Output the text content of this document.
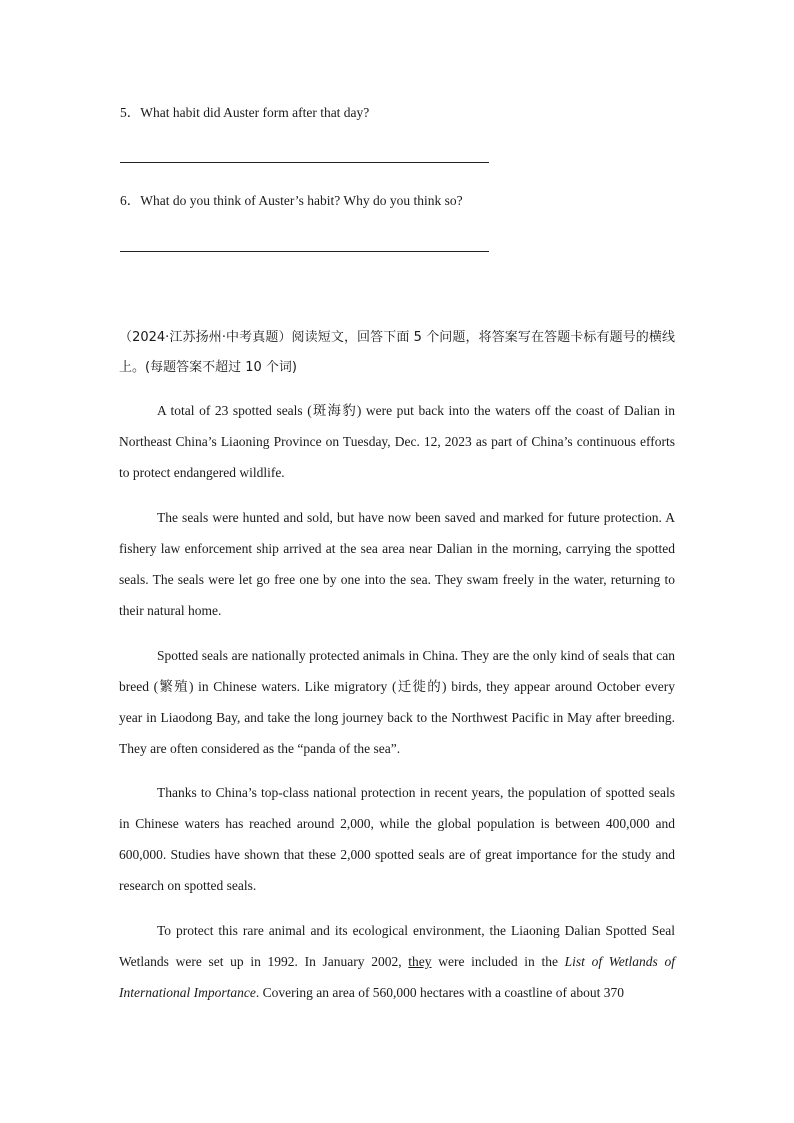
5．What habit did Auster form after that day?
6．What do you think of Auster’s habit? Why do you think so?
（2024·江苏扬州·中考真题）阅读短文，回答下面 5 个问题，将答案写在答题卡标有题号的横线上。(每题答案不超过 10 个词)

A total of 23 spotted seals (斑海豹) were put back into the waters off the coast of Dalian in Northeast China’s Liaoning Province on Tuesday, Dec. 12, 2023 as part of China’s continuous efforts to protect endangered wildlife.

The seals were hunted and sold, but have now been saved and marked for future protection. A fishery law enforcement ship arrived at the sea area near Dalian in the morning, carrying the spotted seals. The seals were let go free one by one into the sea. They swam freely in the water, returning to their natural home.

Spotted seals are nationally protected animals in China. They are the only kind of seals that can breed (繁殖) in Chinese waters. Like migratory (迁徙的) birds, they appear around October every year in Liaodong Bay, and take the long journey back to the Northwest Pacific in May after breeding. They are often considered as the “panda of the sea”.

Thanks to China’s top-class national protection in recent years, the population of spotted seals in Chinese waters has reached around 2,000, while the global population is between 400,000 and 600,000. Studies have shown that these 2,000 spotted seals are of great importance for the study and research on spotted seals.

To protect this rare animal and its ecological environment, the Liaoning Dalian Spotted Seal Wetlands were set up in 1992. In January 2002, they were included in the List of Wetlands of International Importance. Covering an area of 560,000 hectares with a coastline of about 370
